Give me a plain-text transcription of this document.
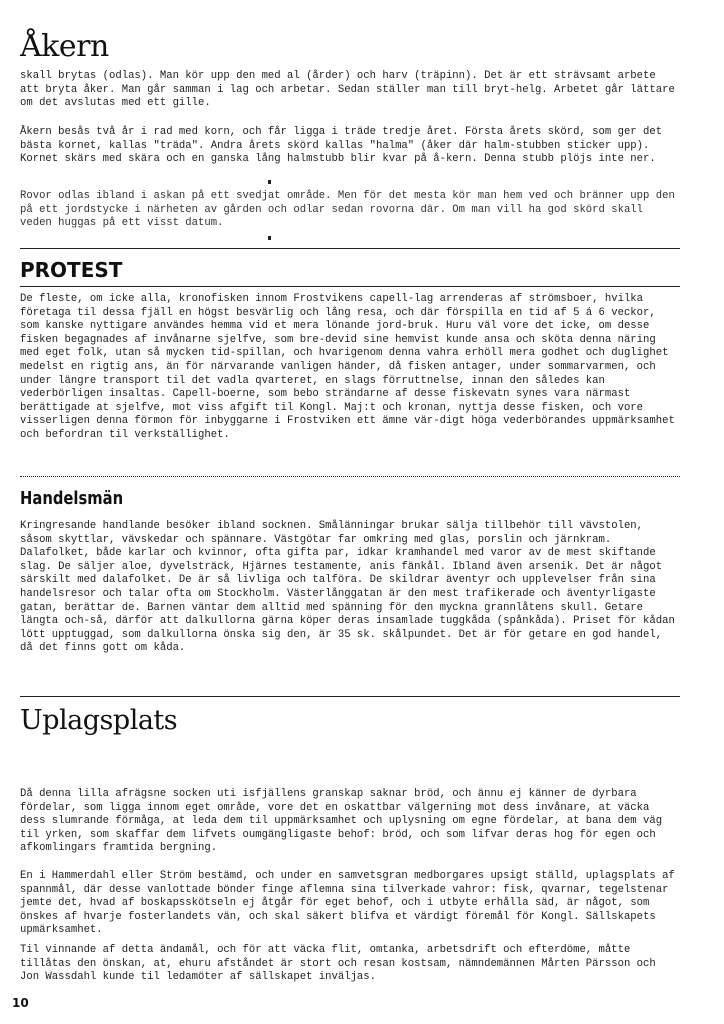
Åkern

skall brytas (odlas). Man kör upp den med al (årder) och harv (träpinn). Det är ett strävsamt arbete att bryta åker. Man går samman i lag och arbetar. Sedan ställer man till bryt-helg. Arbetet går lättare om det avslutas med ett gille.

Åkern besås två år i rad med korn, och får ligga i träde tredje året. Första årets skörd, som ger det bästa kornet, kallas "träda". Andra årets skörd kallas "halma" (åker där halm-stubben sticker upp). Kornet skärs med skära och en ganska lång halmstubb blir kvar på å-kern. Denna stubb plöjs inte ner.

Rovor odlas ibland i askan på ett svedjat område. Men för det mesta kör man hem ved och bränner upp den på ett jordstycke i närheten av gården och odlar sedan rovorna där. Om man vill ha god skörd skall veden huggas på ett visst datum.

PROTEST

De fleste, om icke alla, kronofisken innom Frostvikens capell-lag arrenderas af strömsboer, hvilka företaga til dessa fjäll en högst besvärlig och lång resa, och där förspilla en tid af 5 á 6 veckor, som kanske nyttigare användes hemma vid et mera lönande jord-bruk. Huru väl vore det icke, om desse fisken begagnades af invånarne sjelfve, som bre-devid sine hemvist kunde ansa och sköta denna näring med eget folk, utan så mycken tid-spillan, och hvarigenom denna vahra erhöll mera godhet och duglighet medelst en rigtig ans, än för närvarande vanligen händer, då fisken antager, under sommarvarmen, och under längre transport til det vadla qvarteret, en slags förruttnelse, innan den således kan vederbörligen insaltas. Capell-boerne, som bebo strändarne af desse fiskevatn synes vara närmast berättigade at sjelfve, mot viss afgift til Kongl. Maj:t och kronan, nyttja desse fisken, och vore visserligen denna förmon för inbyggarne i Frostviken ett ämne vär-digt höga vederbörandes uppmärksamhet och befordran til verkställighet.

Handelsmän

Kringresande handlande besöker ibland socknen. Smålänningar brukar sälja tillbehör till vävstolen, såsom skyttlar, vävskedar och spännare. Västgötar far omkring med glas, porslin och järnkram. Dalafolket, både karlar och kvinnor, ofta gifta par, idkar kramhandel med varor av de mest skiftande slag. De säljer aloe, dyvelsträck, Hjärnes testamente, anis fänkål. Ibland även arsenik. Det är något särskilt med dalafolket. De är så livliga och talföra. De skildrar äventyr och upplevelser från sina handelsresor och talar ofta om Stockholm. Västerlånggatan är den mest trafikerade och äventyrligaste gatan, berättar de. Barnen väntar dem alltid med spänning för den myckna grannlåtens skull. Getare längta och-så, därför att dalkullorna gärna köper deras insamlade tuggkåda (spånkåda). Priset för kådan lött upptuggad, som dalkullorna önska sig den, är 35 sk. skålpundet. Det är för getare en god handel, då det finns gott om kåda.

Uplagsplats

Då denna lilla afrägsne socken uti isfjällens granskap saknar bröd, och ännu ej känner de dyrbara fördelar, som ligga innom eget område, vore det en oskattbar välgerning mot dess invånare, at väcka dess slumrande förmåga, at leda dem til uppmärksamhet och uplysning om egne fördelar, at bana dem väg til yrken, som skaffar dem lifvets oumgängligaste behof: bröd, och som lifvar deras hog för egen och afkomlingars framtida bergning.

En i Hammerdahl eller Ström bestämd, och under en samvetsgran medborgares upsigt ställd, uplagsplats af spannmål, där desse vanlottade bönder finge aflemna sina tilverkade vahror: fisk, qvarnar, tegelstenar jemte det, hvad af boskapsskötseln ej åtgår för eget behof, och i utbyte erhålla säd, är något, som önskes af hvarje fosterlandets vän, och skal säkert blifva et värdigt föremål för Kongl. Sällskapets upmärksamhet.

Til vinnande af detta ändamål, och för att väcka flit, omtanka, arbetsdrift och efterdöme, måtte tillåtas den önskan, at, ehuru afståndet är stort och resan kostsam, nämndemännen Mårten Pärsson och Jon Wassdahl kunde til ledamöter af sällskapet inväljas.

10
